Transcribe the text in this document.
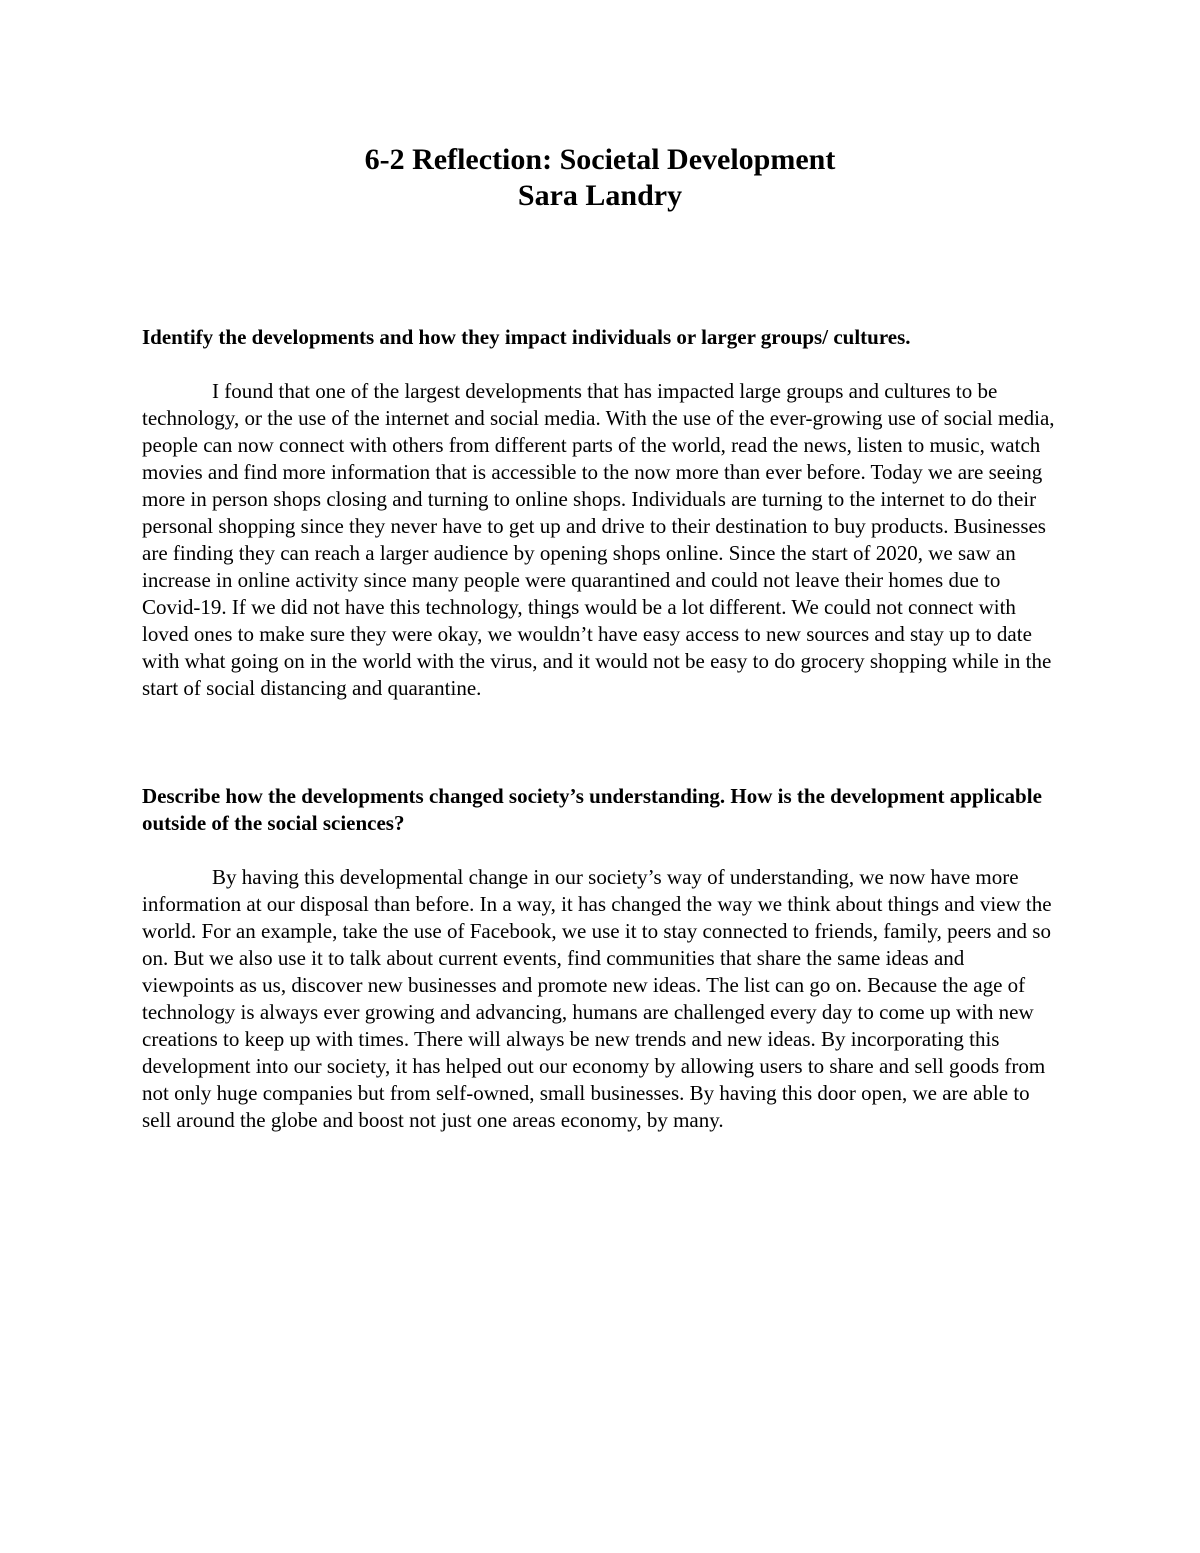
6-2 Reflection: Societal Development
Sara Landry

Identify the developments and how they impact individuals or larger groups/ cultures.

I found that one of the largest developments that has impacted large groups and cultures to be technology, or the use of the internet and social media. With the use of the ever-growing use of social media, people can now connect with others from different parts of the world, read the news, listen to music, watch movies and find more information that is accessible to the now more than ever before. Today we are seeing more in person shops closing and turning to online shops. Individuals are turning to the internet to do their personal shopping since they never have to get up and drive to their destination to buy products. Businesses are finding they can reach a larger audience by opening shops online. Since the start of 2020, we saw an increase in online activity since many people were quarantined and could not leave their homes due to Covid-19. If we did not have this technology, things would be a lot different. We could not connect with loved ones to make sure they were okay, we wouldn’t have easy access to new sources and stay up to date with what going on in the world with the virus, and it would not be easy to do grocery shopping while in the start of social distancing and quarantine.

Describe how the developments changed society’s understanding. How is the development applicable outside of the social sciences?

By having this developmental change in our society’s way of understanding, we now have more information at our disposal than before. In a way, it has changed the way we think about things and view the world. For an example, take the use of Facebook, we use it to stay connected to friends, family, peers and so on. But we also use it to talk about current events, find communities that share the same ideas and viewpoints as us, discover new businesses and promote new ideas. The list can go on. Because the age of technology is always ever growing and advancing, humans are challenged every day to come up with new creations to keep up with times. There will always be new trends and new ideas. By incorporating this development into our society, it has helped out our economy by allowing users to share and sell goods from not only huge companies but from self-owned, small businesses. By having this door open, we are able to sell around the globe and boost not just one areas economy, by many.
